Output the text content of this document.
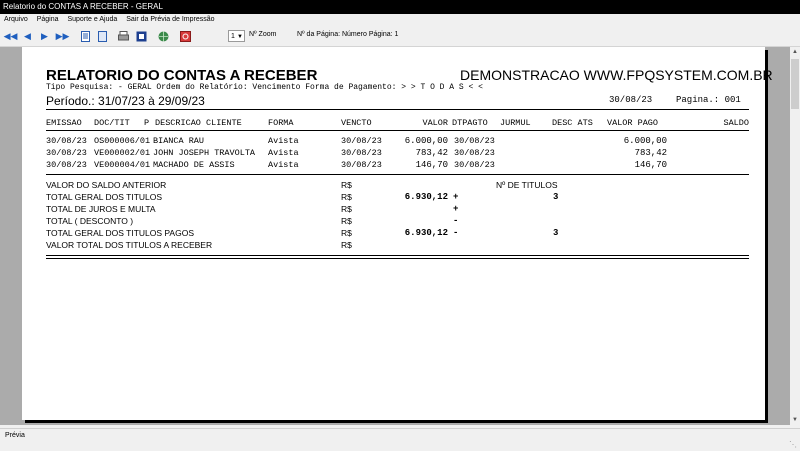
Relatorio do CONTAS A RECEBER - GERAL
Arquivo Página Suporte e Ajuda Sair da Prévia de Impressão
◀◀ ◀ ▶ ▶▶	1 ▼ Nº Zoom	Nº da Página: Número Página: 1
RELATORIO DO CONTAS A RECEBER	DEMONSTRACAO WWW.FPQSYSTEM.COM.BR
Tipo Pesquisa: - GERAL Ordem do Relatório: Vencimento Forma de Pagamento: > > T O D A S < <
Período.: 31/07/23 à 29/09/23	30/08/23	Pagina.: 001
EMISSAO DOC/TIT P DESCRICAO CLIENTE	FORMA	VENCTO	VALOR DTPAGTO JURMUL	DESC ATS VALOR PAGO	SALDO
30/08/23 OS000006/01 BIANCA RAU	Avista	30/08/23	6.000,00 30/08/23	6.000,00
30/08/23 VE000002/01 JOHN JOSEPH TRAVOLTA Avista	30/08/23	783,42 30/08/23	783,42
30/08/23 VE000004/01 MACHADO DE ASSIS	Avista	30/08/23	146,70 30/08/23	146,70
Nº DE TITULOS
VALOR DO SALDO ANTERIOR	R$
TOTAL GERAL DOS TITULOS	R$	6.930,12 +	3
TOTAL DE JUROS E MULTA	R$	+
TOTAL ( DESCONTO )	R$	-
TOTAL GERAL DOS TITULOS PAGOS	R$	6.930,12 -	3
VALOR TOTAL DOS TITULOS A RECEBER	R$
▲
▼
Prévia
⋱
